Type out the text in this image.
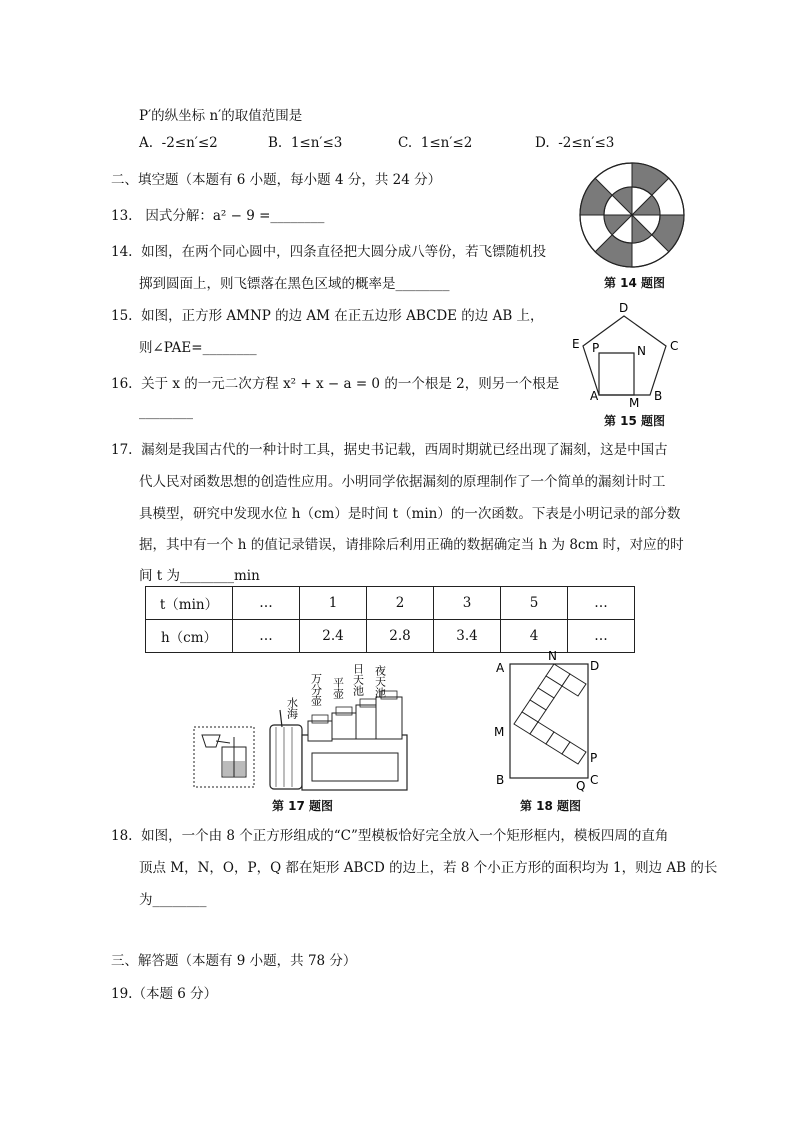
P′的纵坐标 n′的取值范围是
A. -2≤n′≤2	B. 1≤n′≤3	C. 1≤n′≤2	D. -2≤n′≤3
二、填空题（本题有 6 小题，每小题 4 分，共 24 分）
13. 因式分解：a² − 9 =________
14. 如图，在两个同心圆中，四条直径把大圆分成八等份，若飞镖随机投
掷到圆面上，则飞镖落在黑色区域的概率是________	第 14 题图
15. 如图，正方形 AMNP 的边 AM 在正五边形 ABCDE 的边 AB 上，
则∠PAE=________
D
E	C
P	N
A	B
M
第 15 题图
16. 关于 x 的一元二次方程 x² + x − a = 0 的一个根是 2，则另一个根是
________
17. 漏刻是我国古代的一种计时工具，据史书记载，西周时期就已经出现了漏刻，这是中国古
代人民对函数思想的创造性应用。小明同学依据漏刻的原理制作了一个简单的漏刻计时工
具模型，研究中发现水位 h（cm）是时间 t（min）的一次函数。下表是小明记录的部分数
据，其中有一个 h 的值记录错误，请排除后利用正确的数据确定当 h 为 8cm 时，对应的时
间 t 为________min
t（min）	…	1	2	3	5	…
h（cm）	…	2.4	2.8	3.4	4	…
夜天池
日天池
平壶
万分壶
水海
第 17 题图
A
N
D
M
P
B	Q C
第 18 题图
18. 如图，一个由 8 个正方形组成的“C”型模板恰好完全放入一个矩形框内，模板四周的直角
顶点 M，N，O，P，Q 都在矩形 ABCD 的边上，若 8 个小正方形的面积均为 1，则边 AB 的长
为________
三、解答题（本题有 9 小题，共 78 分）
19.（本题 6 分）
